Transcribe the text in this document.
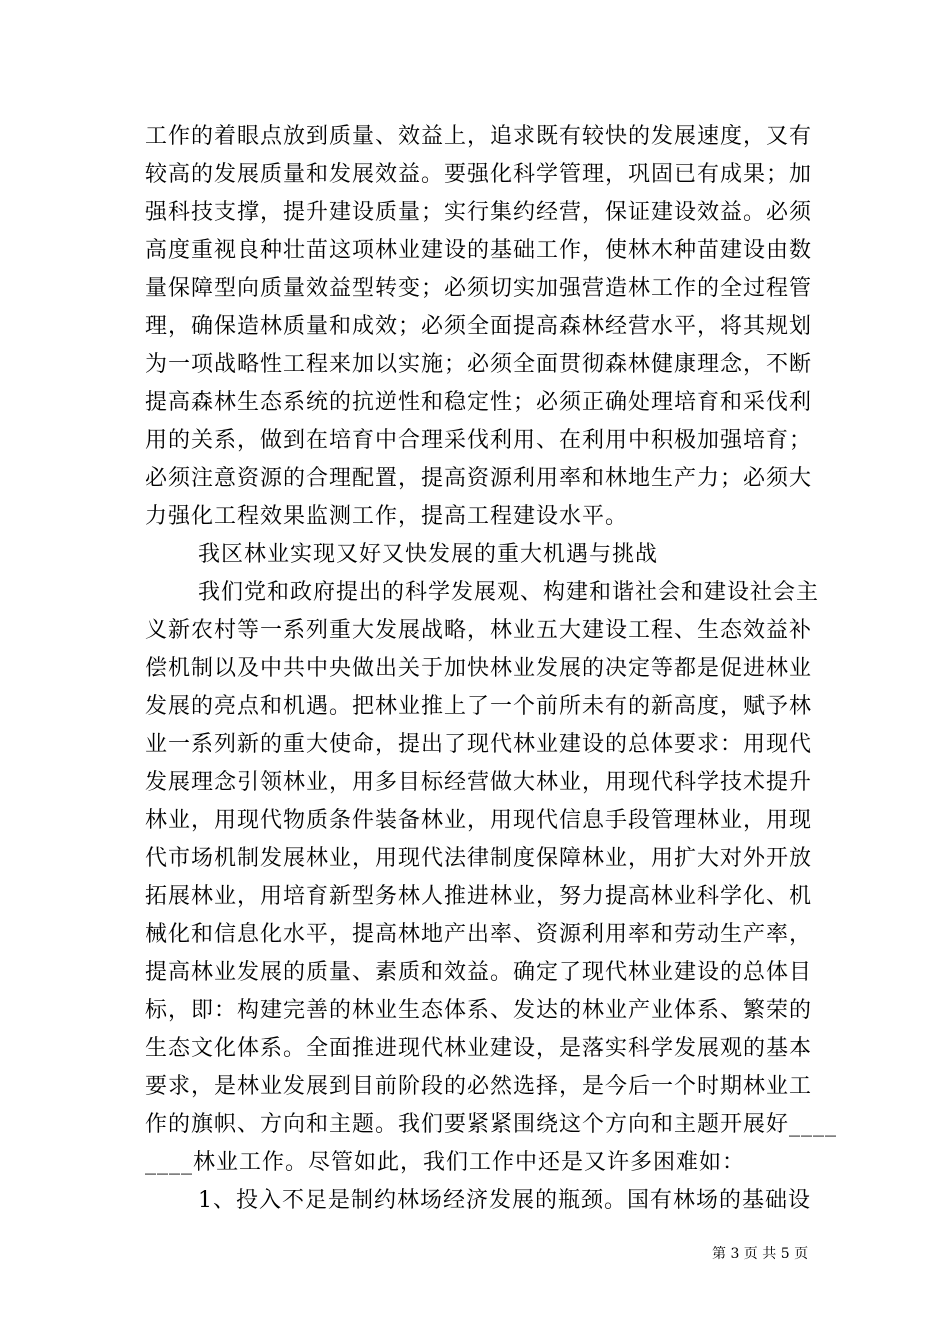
工作的着眼点放到质量、效益上，追求既有较快的发展速度，又有
较高的发展质量和发展效益。要强化科学管理，巩固已有成果；加
强科技支撑，提升建设质量；实行集约经营，保证建设效益。必须
高度重视良种壮苗这项林业建设的基础工作，使林木种苗建设由数
量保障型向质量效益型转变；必须切实加强营造林工作的全过程管
理，确保造林质量和成效；必须全面提高森林经营水平，将其规划
为一项战略性工程来加以实施；必须全面贯彻森林健康理念，不断
提高森林生态系统的抗逆性和稳定性；必须正确处理培育和采伐利
用的关系，做到在培育中合理采伐利用、在利用中积极加强培育；
必须注意资源的合理配置，提高资源利用率和林地生产力；必须大
力强化工程效果监测工作，提高工程建设水平。
我区林业实现又好又快发展的重大机遇与挑战
我们党和政府提出的科学发展观、构建和谐社会和建设社会主
义新农村等一系列重大发展战略，林业五大建设工程、生态效益补
偿机制以及中共中央做出关于加快林业发展的决定等都是促进林业
发展的亮点和机遇。把林业推上了一个前所未有的新高度，赋予林
业一系列新的重大使命，提出了现代林业建设的总体要求：用现代
发展理念引领林业，用多目标经营做大林业，用现代科学技术提升
林业，用现代物质条件装备林业，用现代信息手段管理林业，用现
代市场机制发展林业，用现代法律制度保障林业，用扩大对外开放
拓展林业，用培育新型务林人推进林业，努力提高林业科学化、机
械化和信息化水平，提高林地产出率、资源利用率和劳动生产率，
提高林业发展的质量、素质和效益。确定了现代林业建设的总体目
标，即：构建完善的林业生态体系、发达的林业产业体系、繁荣的
生态文化体系。全面推进现代林业建设，是落实科学发展观的基本
要求，是林业发展到目前阶段的必然选择，是今后一个时期林业工
作的旗帜、方向和主题。我们要紧紧围绕这个方向和主题开展好____
____林业工作。尽管如此，我们工作中还是又许多困难如：
1、投入不足是制约林场经济发展的瓶颈。国有林场的基础设
第 3 页 共 5 页
